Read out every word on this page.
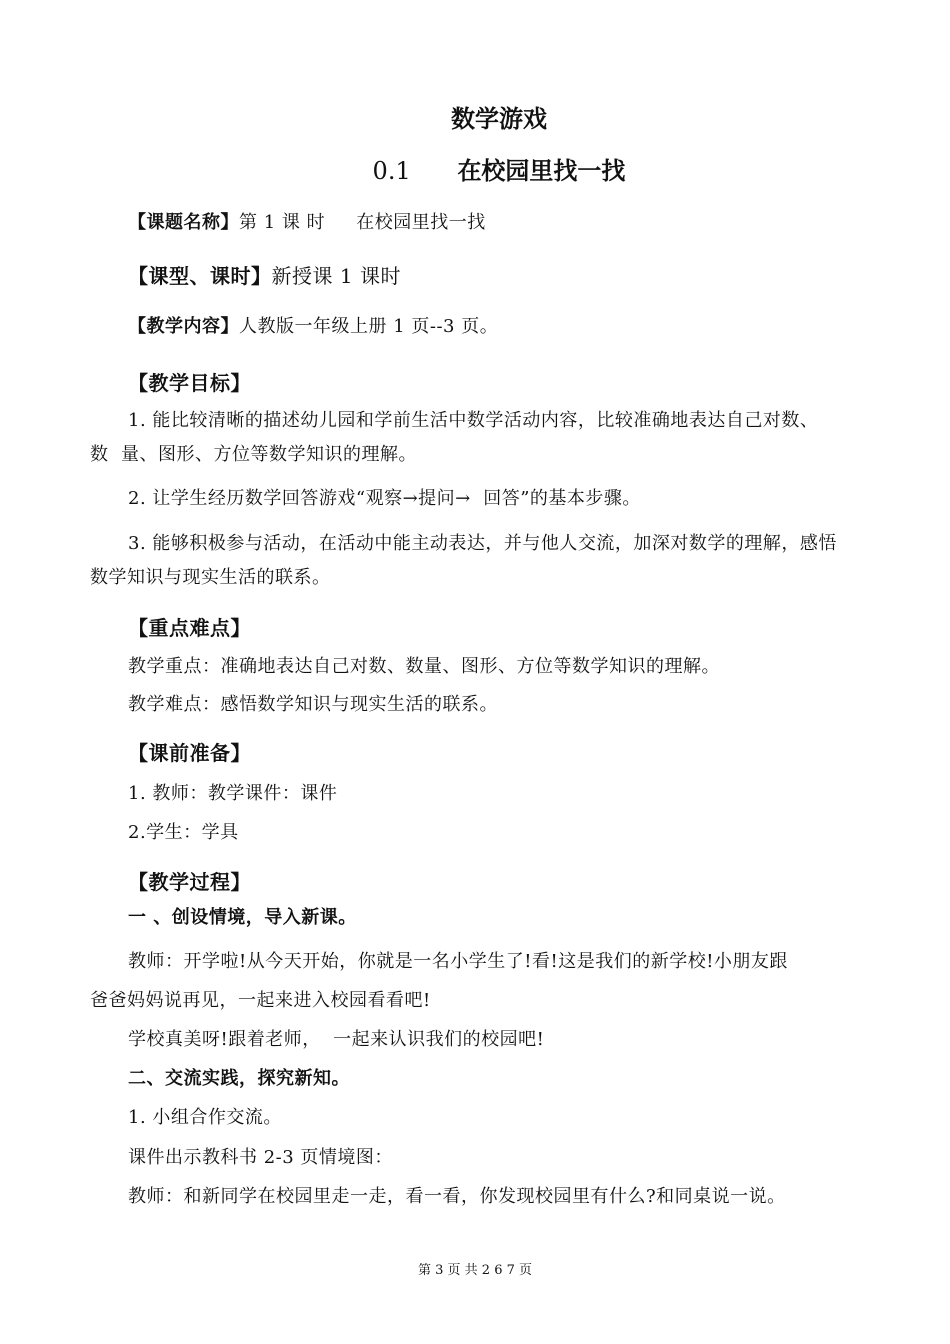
数学游戏
0.1 在校园里找一找
【课题名称】第 1 课 时     在校园里找一找
【课型、课时】新授课 1 课时
【教学内容】人教版一年级上册 1 页--3 页。
【教学目标】
1. 能比较清晰的描述幼儿园和学前生活中数学活动内容，比较准确地表达自己对数、
数  量、图形、方位等数学知识的理解。
2. 让学生经历数学回答游戏“观察→提问→  回答”的基本步骤。
3. 能够积极参与活动，在活动中能主动表达，并与他人交流，加深对数学的理解，感悟
数学知识与现实生活的联系。
【重点难点】
教学重点：准确地表达自己对数、数量、图形、方位等数学知识的理解。
教学难点：感悟数学知识与现实生活的联系。
【课前准备】
1. 教师：教学课件：课件
2.学生：学具
【教学过程】
一 、创设情境，导入新课。
教师：开学啦!从今天开始，你就是一名小学生了!看!这是我们的新学校!小朋友跟
爸爸妈妈说再见，一起来进入校园看看吧!
学校真美呀!跟着老师，  一起来认识我们的校园吧!
二、交流实践，探究新知。
1. 小组合作交流。
课件出示教科书 2-3 页情境图：
教师：和新同学在校园里走一走，看一看，你发现校园里有什么?和同桌说一说。
第 3 页 共 2 6 7 页
